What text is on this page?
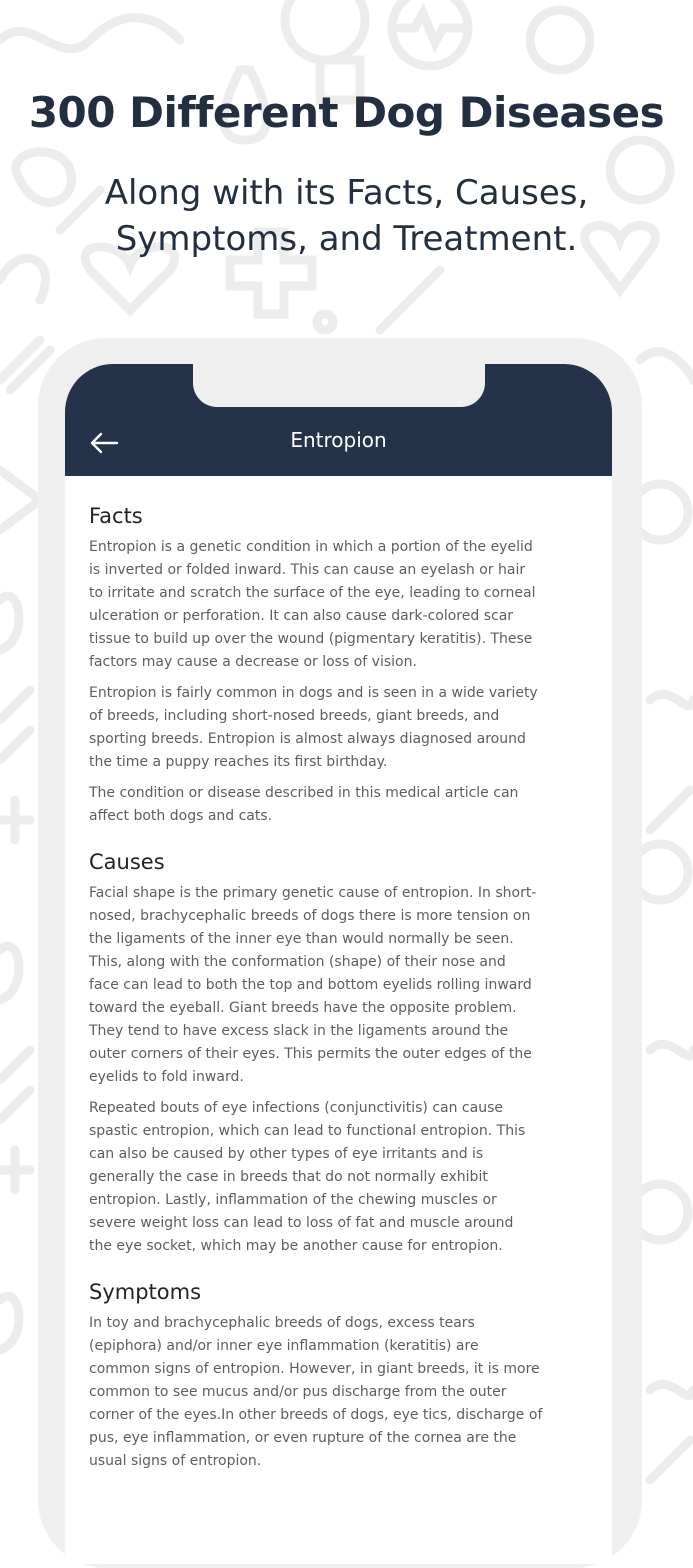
300 Different Dog Diseases
Along with its Facts, Causes,
Symptoms, and Treatment.
Entropion
Facts

Entropion is a genetic condition in which a portion of the eyelid
is inverted or folded inward. This can cause an eyelash or hair
to irritate and scratch the surface of the eye, leading to corneal
ulceration or perforation. It can also cause dark-colored scar
tissue to build up over the wound (pigmentary keratitis). These
factors may cause a decrease or loss of vision.

Entropion is fairly common in dogs and is seen in a wide variety
of breeds, including short-nosed breeds, giant breeds, and
sporting breeds. Entropion is almost always diagnosed around
the time a puppy reaches its first birthday.

The condition or disease described in this medical article can
affect both dogs and cats.

Causes

Facial shape is the primary genetic cause of entropion. In short-
nosed, brachycephalic breeds of dogs there is more tension on
the ligaments of the inner eye than would normally be seen.
This, along with the conformation (shape) of their nose and
face can lead to both the top and bottom eyelids rolling inward
toward the eyeball. Giant breeds have the opposite problem.
They tend to have excess slack in the ligaments around the
outer corners of their eyes. This permits the outer edges of the
eyelids to fold inward.

Repeated bouts of eye infections (conjunctivitis) can cause
spastic entropion, which can lead to functional entropion. This
can also be caused by other types of eye irritants and is
generally the case in breeds that do not normally exhibit
entropion. Lastly, inflammation of the chewing muscles or
severe weight loss can lead to loss of fat and muscle around
the eye socket, which may be another cause for entropion.

Symptoms

In toy and brachycephalic breeds of dogs, excess tears
(epiphora) and/or inner eye inflammation (keratitis) are
common signs of entropion. However, in giant breeds, it is more
common to see mucus and/or pus discharge from the outer
corner of the eyes.In other breeds of dogs, eye tics, discharge of
pus, eye inflammation, or even rupture of the cornea are the
usual signs of entropion.
